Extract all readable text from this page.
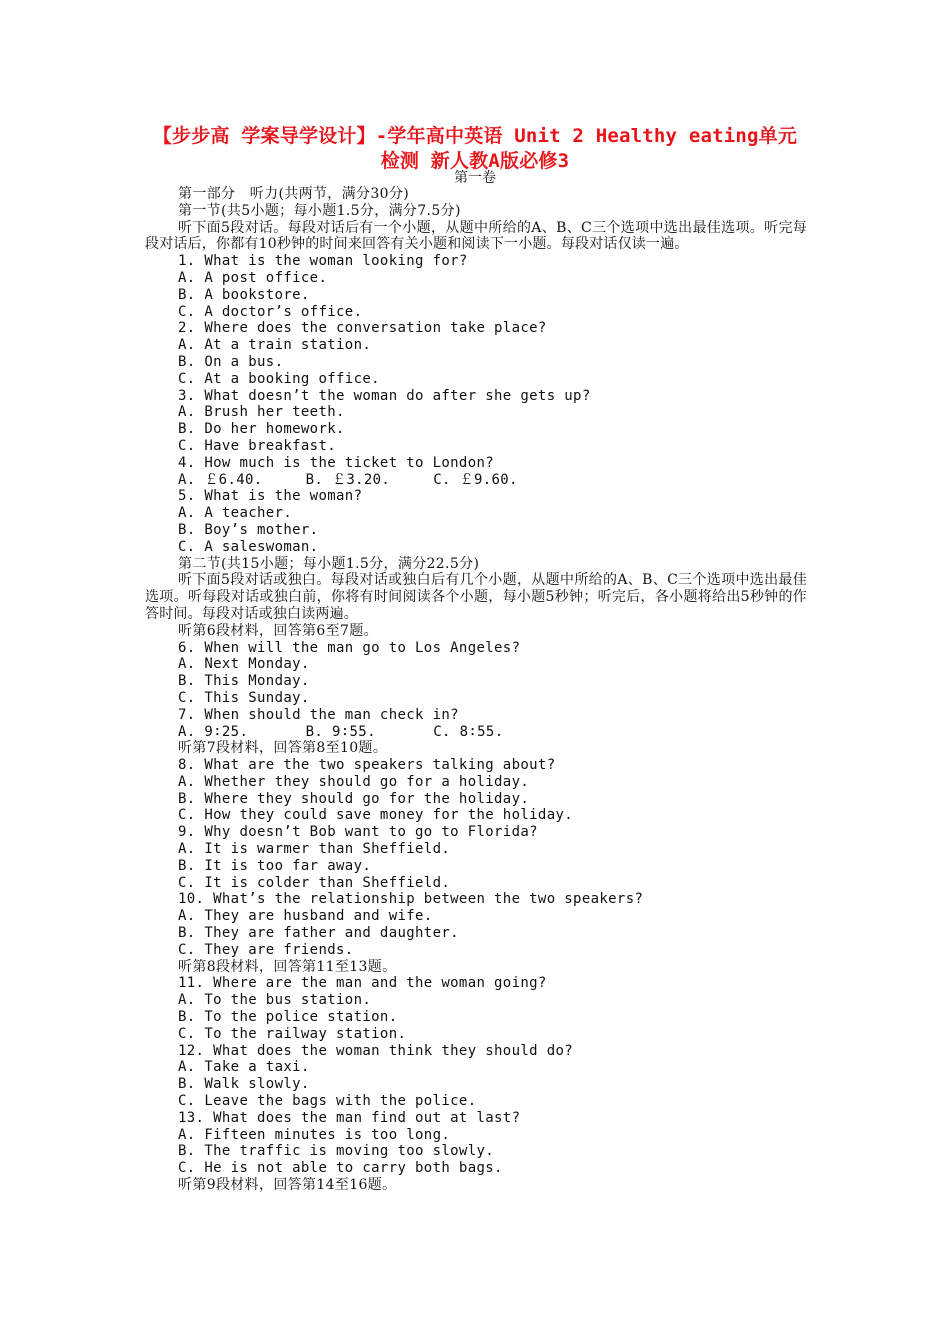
【步步高 学案导学设计】-学年高中英语 Unit 2 Healthy eating单元检测 新人教A版必修3
第一卷
第一部分　听力(共两节，满分30分)
第一节(共5小题；每小题1.5分，满分7.5分)
听下面5段对话。每段对话后有一个小题，从题中所给的A、B、C三个选项中选出最佳选项。听完每段对话后，你都有10秒钟的时间来回答有关小题和阅读下一小题。每段对话仅读一遍。
1. What is the woman looking for?
A. A post office.
B. A bookstore.
C. A doctor’s office.
2. Where does the conversation take place?
A. At a train station.
B. On a bus.
C. At a booking office.
3. What doesn’t the woman do after she gets up?
A. Brush her teeth.
B. Do her homework.
C. Have breakfast.
4. How much is the ticket to London?
A. ￡6.40.　　　B. ￡3.20.　　　C. ￡9.60.
5. What is the woman?
A. A teacher.
B. Boy’s mother.
C. A saleswoman.
第二节(共15小题；每小题1.5分，满分22.5分)
听下面5段对话或独白。每段对话或独白后有几个小题，从题中所给的A、B、C三个选项中选出最佳选项。听每段对话或独白前，你将有时间阅读各个小题，每小题5秒钟；听完后，各小题将给出5秒钟的作答时间。每段对话或独白读两遍。
听第6段材料，回答第6至7题。
6. When will the man go to Los Angeles?
A. Next Monday.
B. This Monday.
C. This Sunday.
7. When should the man check in?
A. 9∶25.　　　　B. 9∶55.　　　　C. 8∶55.
听第7段材料，回答第8至10题。
8. What are the two speakers talking about?
A. Whether they should go for a holiday.
B. Where they should go for the holiday.
C. How they could save money for the holiday.
9. Why doesn’t Bob want to go to Florida?
A. It is warmer than Sheffield.
B. It is too far away.
C. It is colder than Sheffield.
10. What’s the relationship between the two speakers?
A. They are husband and wife.
B. They are father and daughter.
C. They are friends.
听第8段材料，回答第11至13题。
11. Where are the man and the woman going?
A. To the bus station.
B. To the police station.
C. To the railway station.
12. What does the woman think they should do?
A. Take a taxi.
B. Walk slowly.
C. Leave the bags with the police.
13. What does the man find out at last?
A. Fifteen minutes is too long.
B. The traffic is moving too slowly.
C. He is not able to carry both bags.
听第9段材料，回答第14至16题。
